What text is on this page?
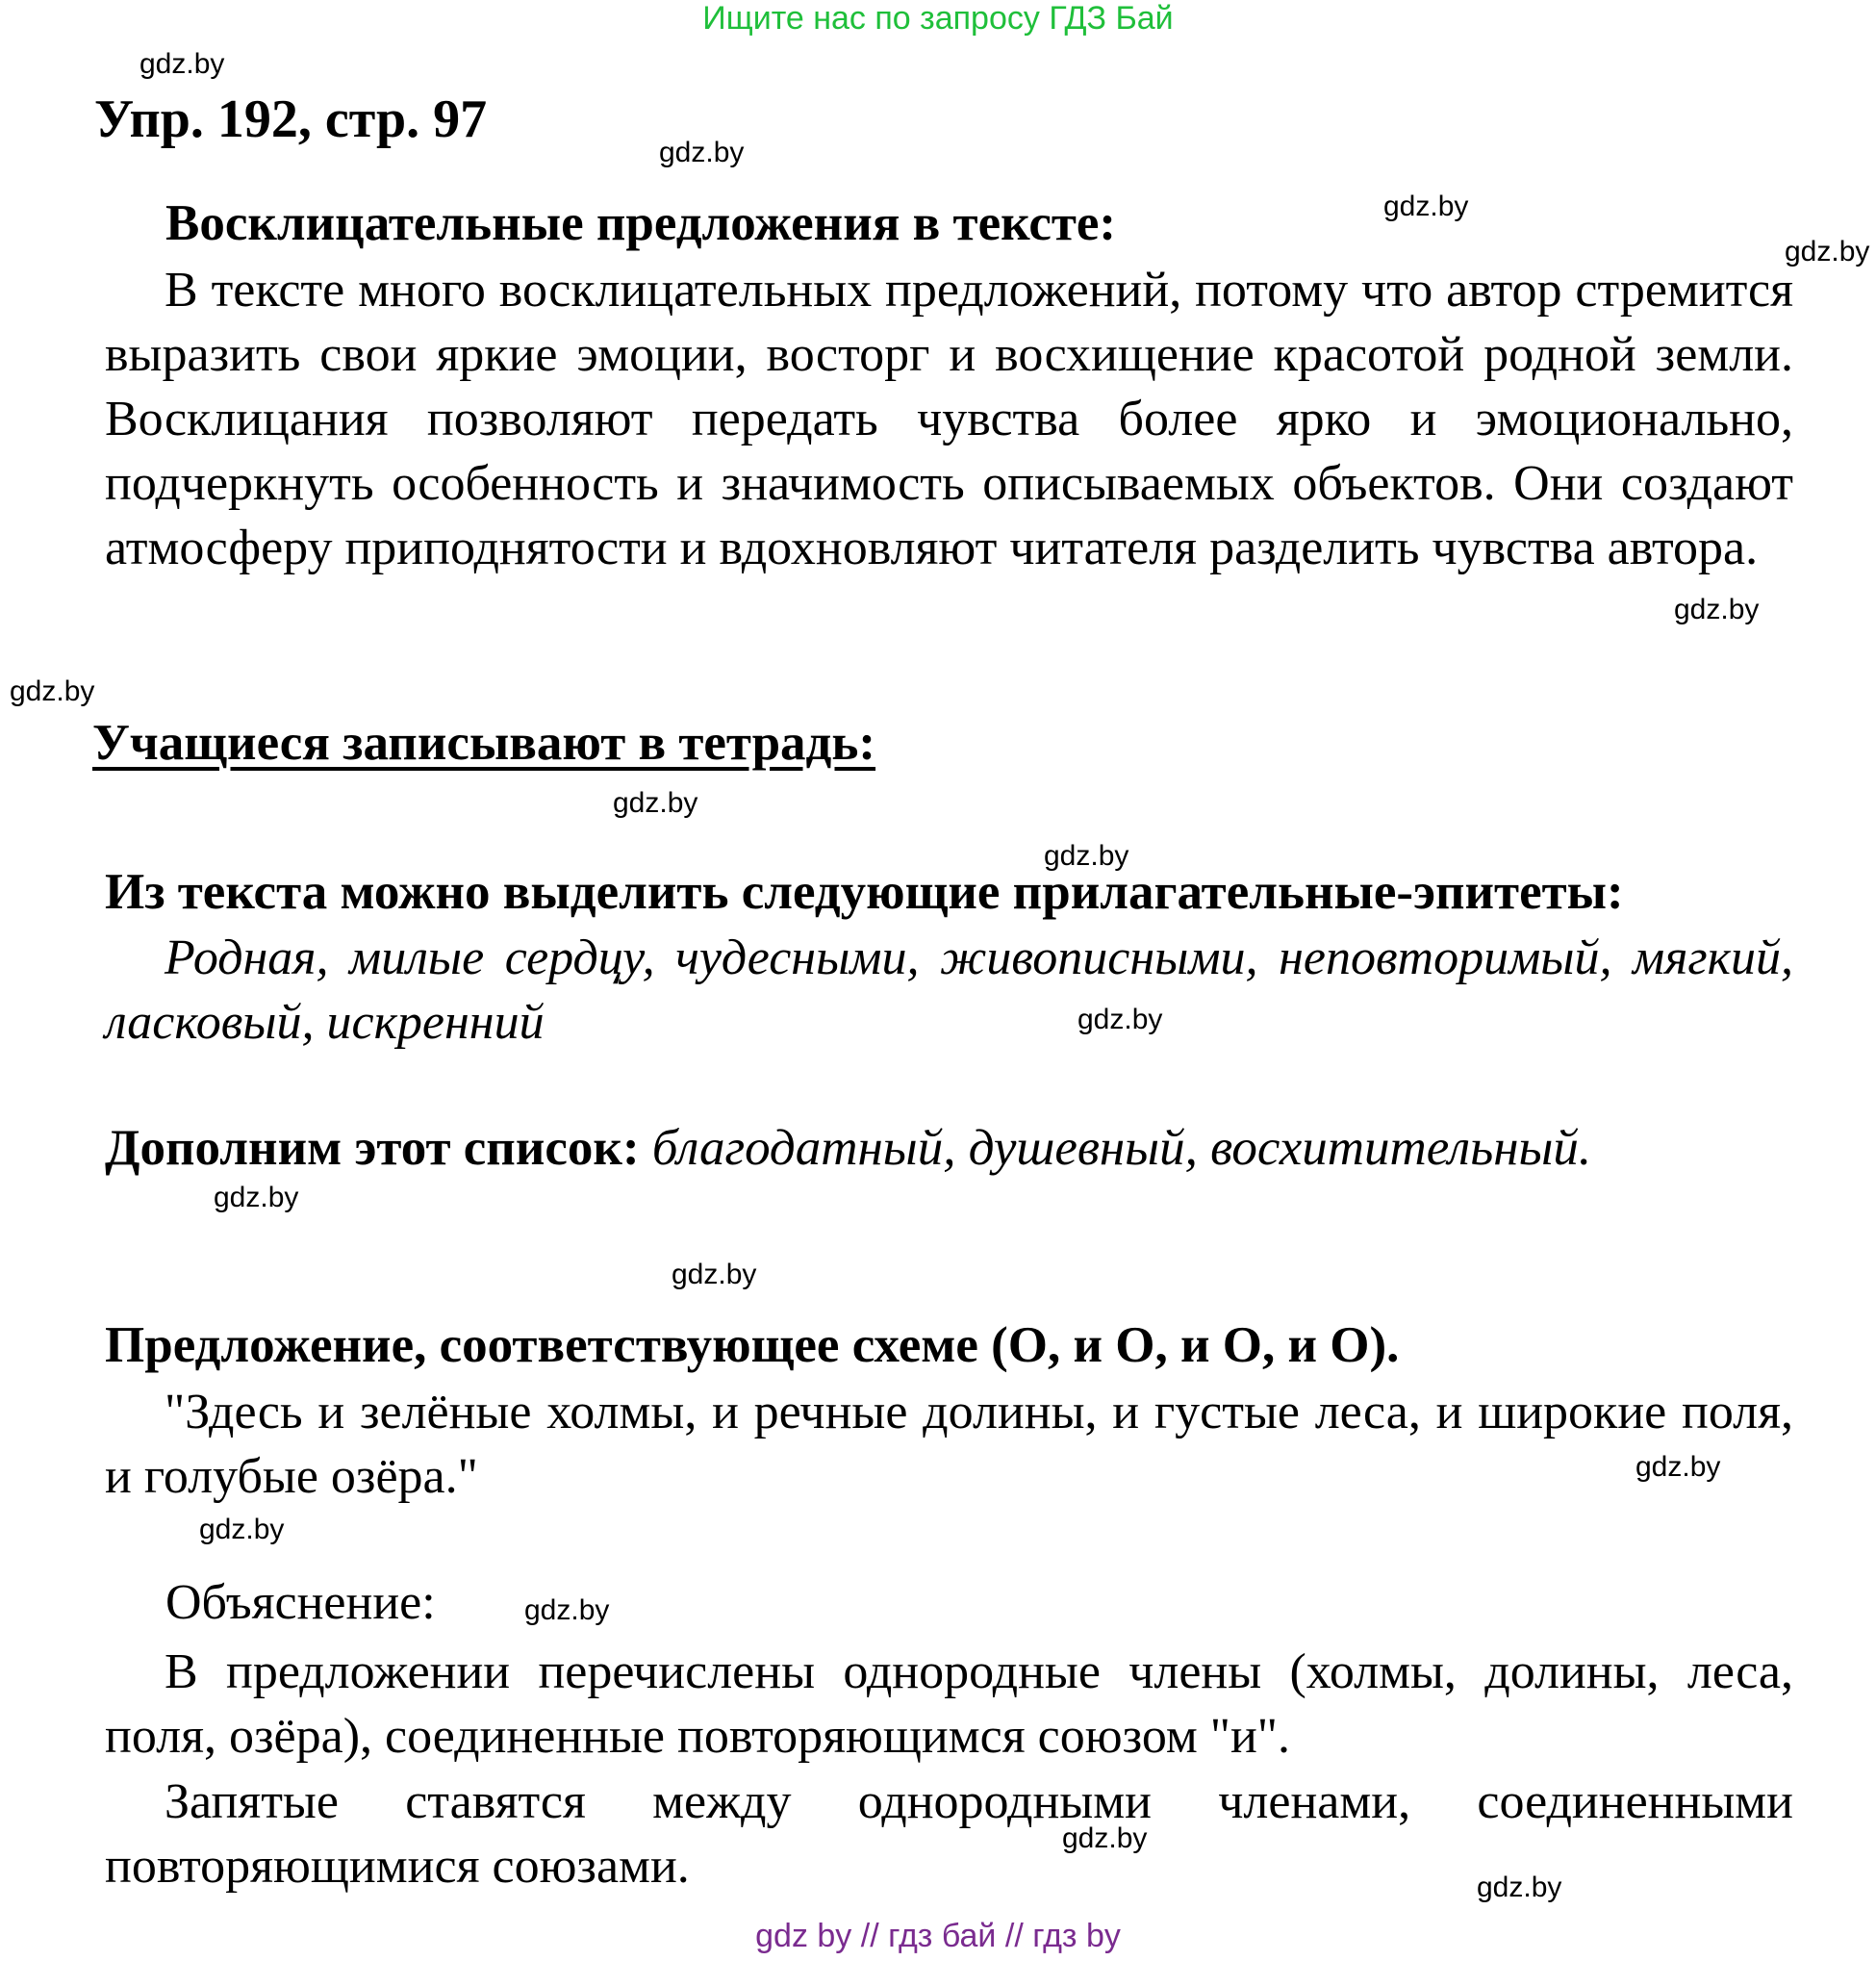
Ищите нас по запросу ГДЗ Бай
Упр. 192, стр. 97
Восклицательные предложения в тексте:

В тексте много восклицательных предложений, потому что автор стремится выразить свои яркие эмоции, восторг и восхищение красотой родной земли. Восклицания позволяют передать чувства более ярко и эмоционально, подчеркнуть особенность и значимость описываемых объектов. Они создают атмосферу приподнятости и вдохновляют читателя разделить чувства автора.

Учащиеся записывают в тетрадь:
Из текста можно выделить следующие прилагательные-эпитеты:

Родная, милые сердцу, чудесными, живописными, неповторимый, мягкий, ласковый, искренний

Дополним этот список: благодатный, душевный, восхитительный.
Предложение, соответствующее схеме (О, и О, и О, и О).

"Здесь и зелёные холмы, и речные долины, и густые леса, и широкие поля, и голубые озёра."

Объяснение:

В предложении перечислены однородные члены (холмы, долины, леса, поля, озёра), соединенные повторяющимся союзом "и".

Запятые ставятся между однородными членами, соединенными повторяющимися союзами.

gdz.by
gdz.by
gdz.by
gdz.by
gdz.by
gdz.by
gdz.by
gdz.by
gdz.by
gdz.by
gdz.by
gdz.by
gdz.by
gdz.by
gdz.by
gdz.by
gdz by // гдз бай // гдз by
